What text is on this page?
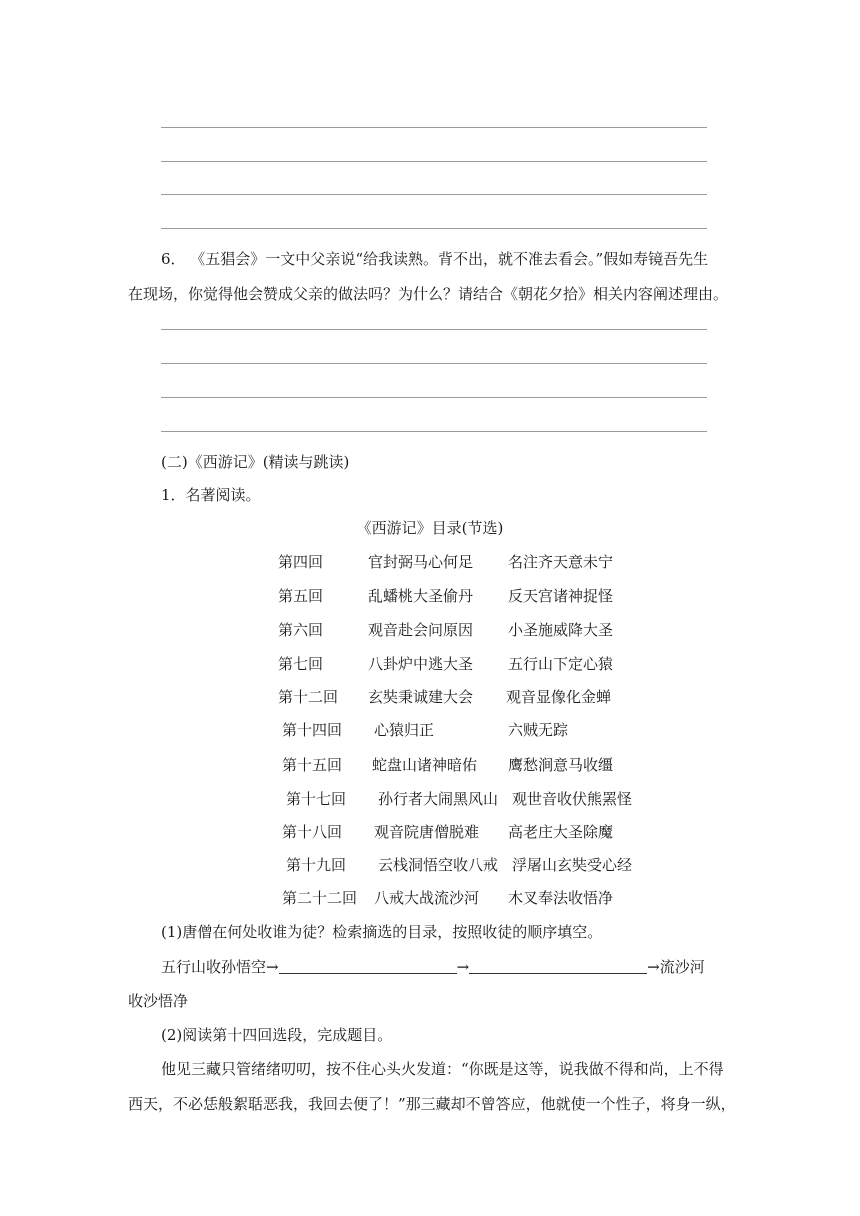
6． 《五猖会》一文中父亲说“给我读熟。背不出，就不准去看会。”假如寿镜吾先生
在现场，你觉得他会赞成父亲的做法吗？为什么？请结合《朝花夕拾》相关内容阐述理由。
(二)《西游记》(精读与跳读)
1．名著阅读。
《西游记》目录(节选)
第四回	官封弼马心何足 名注齐天意未宁
第五回	乱蟠桃大圣偷丹 反天宫诸神捉怪
第六回	观音赴会问原因 小圣施威降大圣
第七回	八卦炉中逃大圣 五行山下定心猿
第十二回 玄奘秉诚建大会 观音显像化金蝉
第十四回 心猿归正	六贼无踪
第十五回 蛇盘山诸神暗佑 鹰愁涧意马收缰
第十七回 孙行者大闹黑风山 观世音收伏熊罴怪
第十八回 观音院唐僧脱难 高老庄大圣除魔
第十九回 云栈洞悟空收八戒 浮屠山玄奘受心经
第二十二回 八戒大战流沙河 木叉奉法收悟净
(1)唐僧在何处收谁为徒？检索摘选的目录，按照收徒的顺序填空。
五行山收孙悟空→	→	→流沙河
收沙悟净
(2)阅读第十四回选段，完成题目。
他见三藏只管绪绪叨叨，按不住心头火发道：“你既是这等，说我做不得和尚，上不得
西天，不必恁般絮聒恶我，我回去便了！”那三藏却不曾答应，他就使一个性子，将身一纵，
